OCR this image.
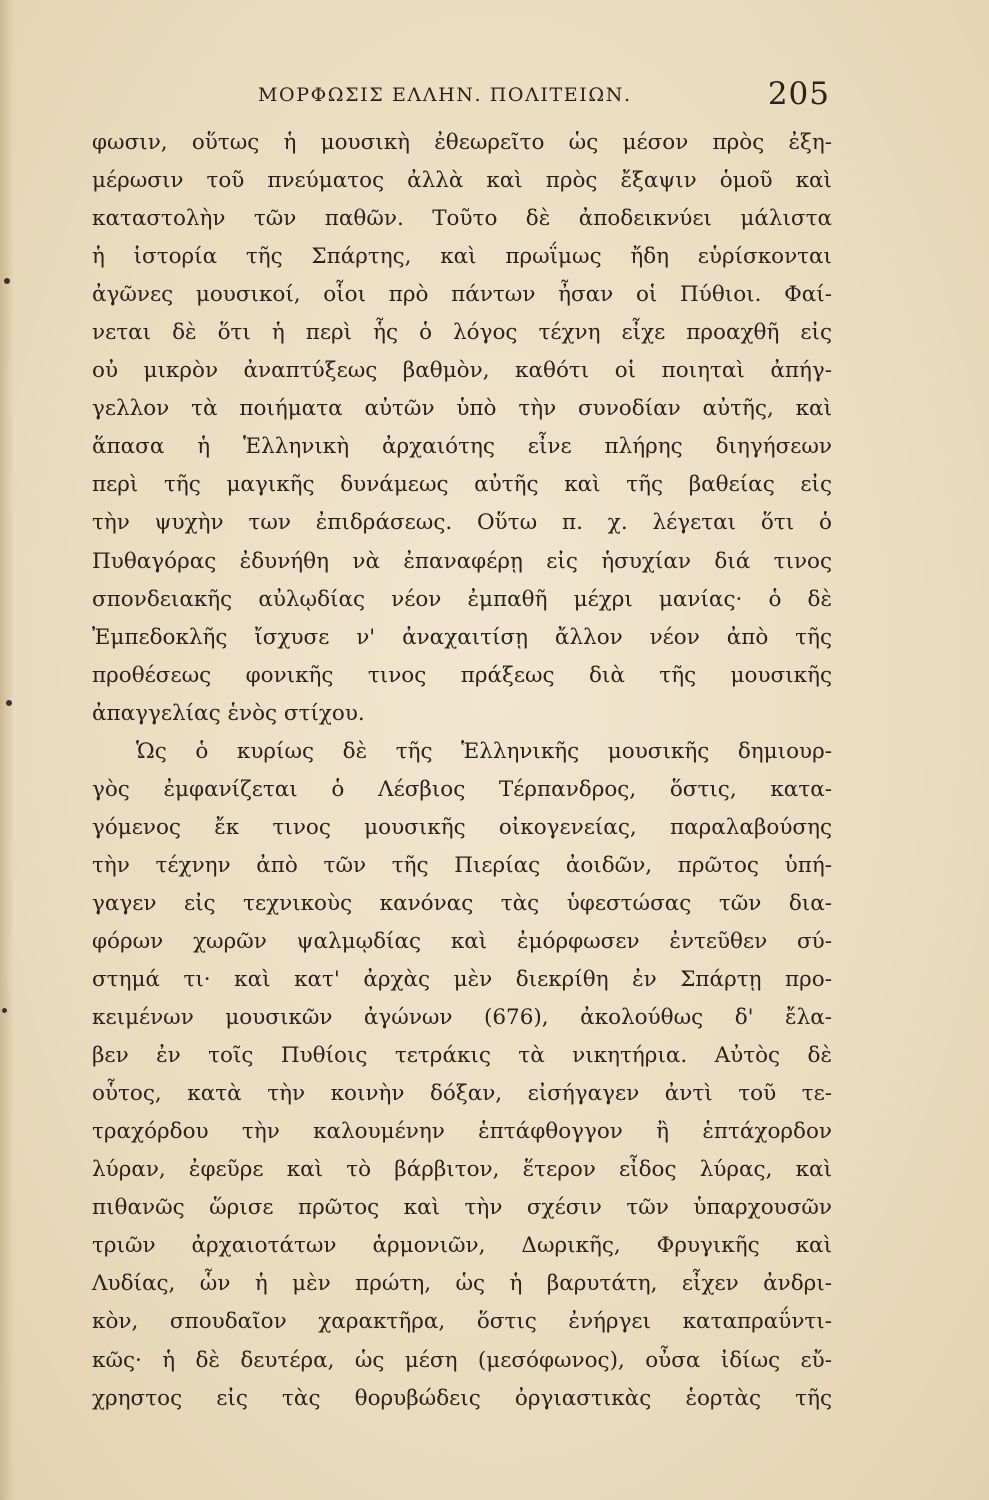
ΜΟΡΦΩΣΙΣ ΕΛΛΗΝ. ΠΟΛΙΤΕΙΩΝ.	205
φωσιν, οὕτως ἡ μουσικὴ ἐθεωρεῖτο ὡς μέσον πρὸς ἐξη-
μέρωσιν τοῦ πνεύματος ἀλλὰ καὶ πρὸς ἔξαψιν ὁμοῦ καὶ
καταστολὴν τῶν παθῶν. Τοῦτο δὲ ἀποδεικνύει μάλιστα
ἡ ἱστορία τῆς Σπάρτης, καὶ πρωΐμως ἤδη εὑρίσκονται
ἀγῶνες μουσικοί, οἷοι πρὸ πάντων ἦσαν οἱ Πύθιοι. Φαί-
νεται δὲ ὅτι ἡ περὶ ἧς ὁ λόγος τέχνη εἶχε προαχθῆ εἰς
οὐ μικρὸν ἀναπτύξεως βαθμὸν, καθότι οἱ ποιηταὶ ἀπήγ-
γελλον τὰ ποιήματα αὐτῶν ὑπὸ τὴν συνοδίαν αὐτῆς, καὶ
ἅπασα ἡ Ἑλληνικὴ ἀρχαιότης εἶνε πλήρης διηγήσεων
περὶ τῆς μαγικῆς δυνάμεως αὐτῆς καὶ τῆς βαθείας εἰς
τὴν ψυχὴν των ἐπιδράσεως. Οὕτω π. χ. λέγεται ὅτι ὁ
Πυθαγόρας ἐδυνήθη νὰ ἐπαναφέρῃ εἰς ἡσυχίαν διά τινος
σπονδειακῆς αὐλῳδίας νέον ἐμπαθῆ μέχρι μανίας· ὁ δὲ
Ἐμπεδοκλῆς ἴσχυσε ν' ἀναχαιτίσῃ ἄλλον νέον ἀπὸ τῆς
προθέσεως φονικῆς τινος πράξεως διὰ τῆς μουσικῆς
ἀπαγγελίας ἑνὸς στίχου.
Ὡς ὁ κυρίως δὲ τῆς Ἑλληνικῆς μουσικῆς δημιουρ-
γὸς ἐμφανίζεται ὁ Λέσβιος Τέρπανδρος, ὅστις, κατα-
γόμενος ἔκ τινος μουσικῆς οἰκογενείας, παραλαβούσης
τὴν τέχνην ἀπὸ τῶν τῆς Πιερίας ἀοιδῶν, πρῶτος ὑπή-
γαγεν εἰς τεχνικοὺς κανόνας τὰς ὑφεστώσας τῶν δια-
φόρων χωρῶν ψαλμῳδίας καὶ ἐμόρφωσεν ἐντεῦθεν σύ-
στημά τι· καὶ κατ' ἀρχὰς μὲν διεκρίθη ἐν Σπάρτῃ προ-
κειμένων μουσικῶν ἀγώνων (676), ἀκολούθως δ' ἔλα-
βεν ἐν τοῖς Πυθίοις τετράκις τὰ νικητήρια. Αὐτὸς δὲ
οὗτος, κατὰ τὴν κοινὴν δόξαν, εἰσήγαγεν ἀντὶ τοῦ τε-
τραχόρδου τὴν καλουμένην ἑπτάφθογγον ἢ ἑπτάχορδον
λύραν, ἐφεῦρε καὶ τὸ βάρβιτον, ἕτερον εἶδος λύρας, καὶ
πιθανῶς ὥρισε πρῶτος καὶ τὴν σχέσιν τῶν ὑπαρχουσῶν
τριῶν ἀρχαιοτάτων ἁρμονιῶν, Δωρικῆς, Φρυγικῆς καὶ
Λυδίας, ὧν ἡ μὲν πρώτη, ὡς ἡ βαρυτάτη, εἶχεν ἀνδρι-
κὸν, σπουδαῖον χαρακτῆρα, ὅστις ἐνήργει καταπραΰντι-
κῶς· ἡ δὲ δευτέρα, ὡς μέση (μεσόφωνος), οὖσα ἰδίως εὔ-
χρηστος εἰς τὰς θορυβώδεις ὀργιαστικὰς ἑορτὰς τῆς
